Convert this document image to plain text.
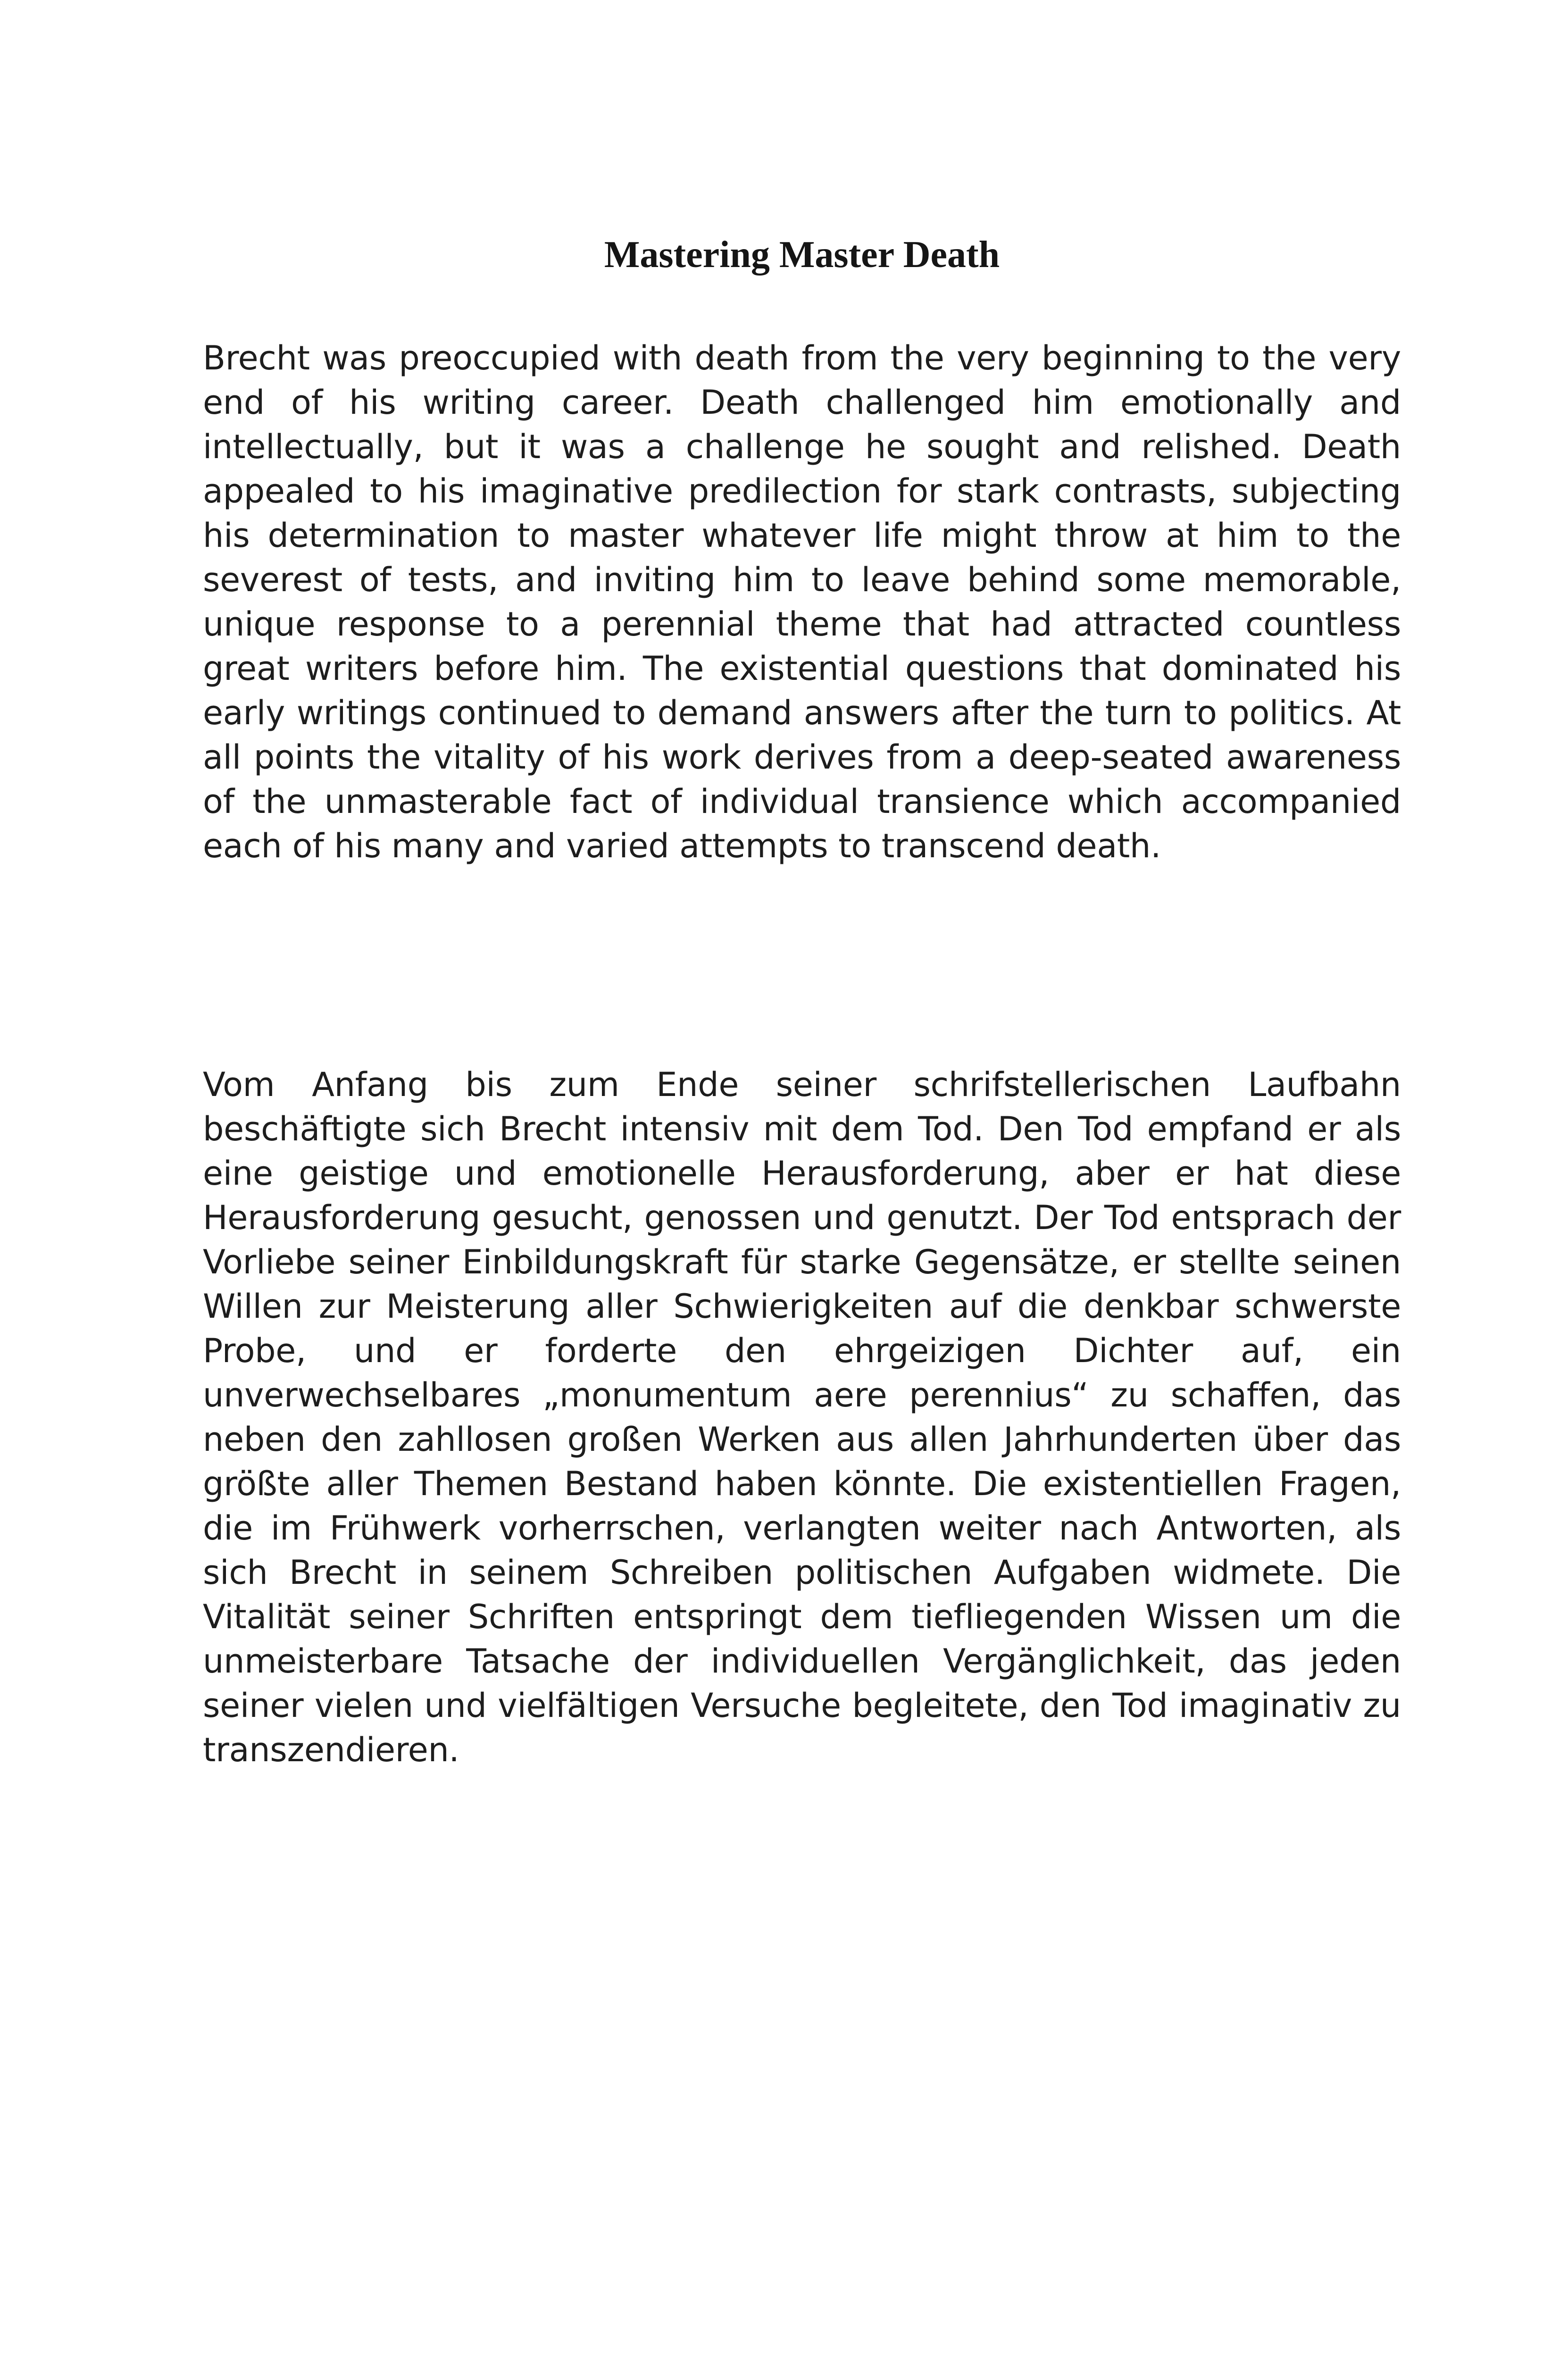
Mastering Master Death

Brecht was preoccupied with death from the very beginning to the very end of his writing career. Death challenged him emotionally and intellectually, but it was a challenge he sought and relished. Death appealed to his imaginative predilection for stark contrasts, subjecting his determination to master whatever life might throw at him to the severest of tests, and inviting him to leave behind some memorable, unique response to a perennial theme that had attracted countless great writers before him. The existential questions that dominated his early writings continued to demand answers after the turn to politics. At all points the vitality of his work derives from a deep-seated awareness of the unmasterable fact of individual transience which accompanied each of his many and varied attempts to transcend death.

Vom Anfang bis zum Ende seiner schrifstellerischen Laufbahn beschäftigte sich Brecht intensiv mit dem Tod. Den Tod empfand er als eine geistige und emotionelle Herausforderung, aber er hat diese Herausforderung gesucht, genossen und genutzt. Der Tod entsprach der Vorliebe seiner Einbildungskraft für starke Gegensätze, er stellte seinen Willen zur Meisterung aller Schwierigkeiten auf die denkbar schwerste Probe, und er forderte den ehrgeizigen Dichter auf, ein unverwechselbares „monumentum aere perennius“ zu schaffen, das neben den zahllosen großen Werken aus allen Jahrhunderten über das größte aller Themen Bestand haben könnte. Die existentiellen Fragen, die im Frühwerk vorherrschen, verlangten weiter nach Antworten, als sich Brecht in seinem Schreiben politischen Aufgaben widmete. Die Vitalität seiner Schriften entspringt dem tiefliegenden Wissen um die unmeisterbare Tatsache der individuellen Vergänglichkeit, das jeden seiner vielen und vielfältigen Versuche begleitete, den Tod imaginativ zu transzendieren.
